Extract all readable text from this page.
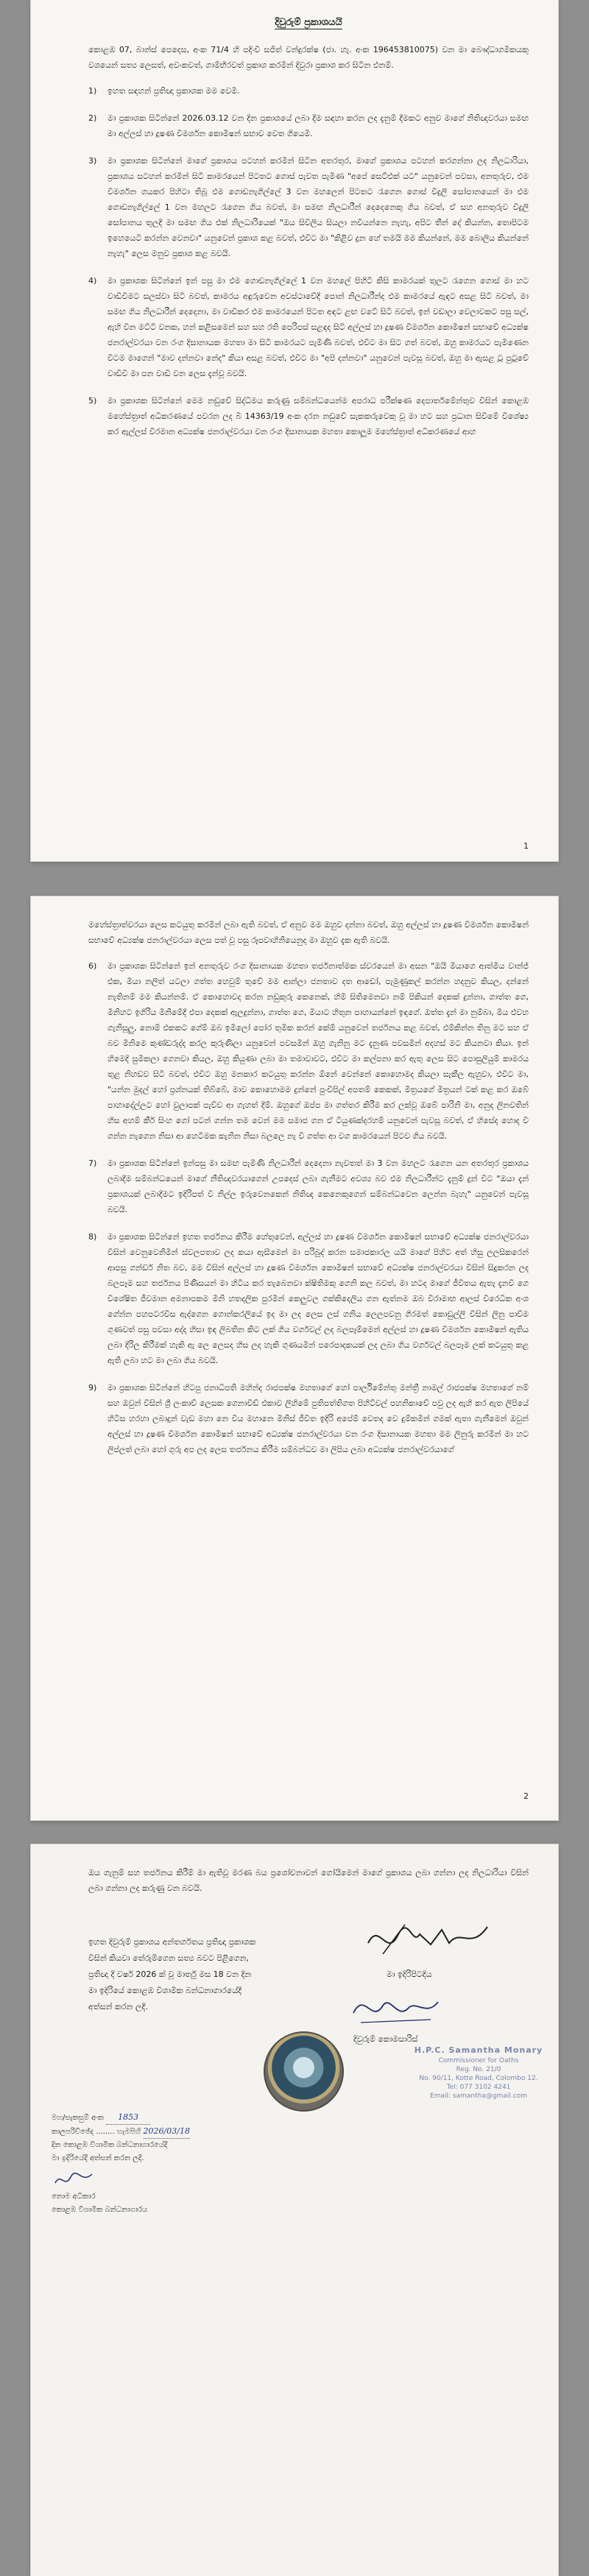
දිවුරුම් ප්‍රකාශයයි

කොළඹ 07, බාන්ස් පෙදෙස, අංක 71/4 හි පදිංචි සජිත් වන්දුරක්ෂ (ජා. හැ. අංක 196453810075) වන මා බෞද්ධාගමිකයකු වශයෙන් සත්‍ය ලෙසත්, අවංකවත්, ගාම්භීරවත් ප්‍රකාශ කරමින් දිවුරා ප්‍රකාශ කර සිටින එනම්.

1)	ඉහත සඳහන් ප්‍රතිඥා ප්‍රකාශක මම වෙමි.
2)	මා ප්‍රකාශක සිටින්නේ 2026.03.12 වන දින ප්‍රකාශයේ ලබා දීම සඳහා කරන ලද දැනුම් දීමකට අනුව මාගේ නිතිඥවරයා සමඟ මා අල්ලස් හා දූෂණ විමර්ශන කොමිෂන් සභාව වෙත ගියෙමි.
3)	මා ප්‍රකාශක සිටින්නේ මාගේ ප්‍රකාශය පටහන් කරමින් සිටින අතරතුර, මාගේ ප්‍රකාශය පටහන් කරගන්නා ලද නිලධාරියා, ප්‍රකාශය සටහන් කරමින් සිටි කාමරයෙන් පිටතට ගොස් පැවත පැමිණ "අපේ සෙට්එක් යට" යනුවෙන් පවසා, අනතුරුව, එම විමර්ශන ගයකර පිහිටා තිබූ එම ගොඩනැගිල්ලේ 3 වන මහලෙන් පිටතට රැගෙන ගොස් විදුලි සෝපානයෙන් මා එම ගොඩනැගිල්ලේ 1 වන මහලට රැගෙන ගිය බවත්, මා සමඟ නිලධාරීන් දෙදෙනෙකු ගිය බවත්, ඒ සහ අනතුරුව විදුලි සෝපානය තුලදී මා සමඟ ගිය එක් නිලධාරියෙක් "ඔය සිවිලිය සියලා නවීයන්නෙ නැහැ, අපිට තීන් දේ කියන්න, තොපිටම ඉහෙයෙටි කරන්න වෙනවා" යනුවෙන් ප්‍රකාශ කළ බවත්, එවිට මා "කිළිව දුන හේ තමයි මම කියන්නේ, මම බොලිය කියන්නේ නැහැ" ලෙස මනුව ප්‍රකාශ කළ බවයි.
4)	මා ප්‍රකාශක සිටින්නේ ඉන් පසු මා එම ගොඩනැගිල්ලේ 1 වන මහලේ පිහිටි කිසි කාමරයක් තුලට රැගෙන ගොස් මා හට වාඩිවිමට සලස්වා සිටි බවත්, කාමරය අඳුරුවෙන අවස්ථාවේදී පොන් නිලධාරීන්ද එම කාමරයේ ඇඳට අසළ සිටි බවත්, මා සමඟ ගිය නිලධාරීන් දෙදෙනා, මා වාඩිකර එම කාමරයෙන් පිටත අඳට ළඟ වටේ සිටි බවත්, ඉන් වඩාලා වෙලාවකට පසු සල්, ඇහි වින මට්ටි වනක, හන් කළිසමෙන් සහ සහ රති පෙරිපස් සළඳද සිටි අල්ලස් හා දූෂණ විමර්ශන කොමිෂන් සභාවේ අධ්‍යක්ෂ ජනරාල්වරයා වන රංග දිසානායක මහතා මා සිටි කාමරයට පැමිණි බවත්, එවිට මා සිට ගත් බවත්, ඔහු කාමරයට පැමිණෙන විටම මාගෙන් "මාව දන්නවා නේද" කියා අසළ බවත්, එවිට මා "අපි දන්නවා" යනුවෙන් පැවසූ බවත්, ඔහු මා ඇසළ ටූ පුටුවේ වාඩිවී මා පන වාඩි වන ලෙස දැන්වූ බවයි.
5)	මා ප්‍රකාශක සිටින්නේ මෙම නඩුවේ සිද්ධිමය කරුණු සම්බන්ධයෙන්ම අපරාධ පරීක්ෂණ දෙපාර්තමේන්තුව විසින් කොළඹ මහේස්ත්‍රාත් අධිකරණයේ පවරන ලද බී 14363/19 අංක දරන නඩුවේ සැකකරුවෙකු වූ මා හට සහ ප්‍රධාන සිවිමේ විශේෂ්‍ය කර ඇල්ලස් විරමාන අධ්‍යක්ෂ ජනරාල්වරයා වන රංග දිසානායක මහතා කොලූම මහේස්ත්‍රාත් අධිකරණයේ ආහ
1

මහේස්ත්‍රාත්වරයා ලෙස කටයුතු කරමින් ලබා ඇති බවත්, ඒ අනුව මම ඔහුව දන්නා බවත්, ඔහු අල්ලස් හා දූෂණ විමර්ශන කොමිෂන් සභාවේ අධ්‍යක්ෂ ජනරාල්වරයා ලෙස පත් වූ පසු රූපවාහිනියෙනුද මා ඔහුව දැක ඇති බවයි.

6)	මා ප්‍රකාශක සිටින්නේ ඉන් අනතුරුව රංග දිසානායක මහතා තර්ජනාත්මක ස්වරයෙන් මා අසන "ඔයි මියාගෙ ආත්මිය වාන්ජ් එක, මියා නලිත් යටලා ගත්ත හෙවුම් තුවේ මම ආන්ලා ජනතාව දත ආඩෝ, පැමුණුකල් කරන්න හදනුව කියල, දන්නේ නැතිනම් මම කියන්නම්. ඒ කොහොවද කරන නඩුකුරු කෙනෙක්, හිමි සිතිමෙනවා නම් පිකියන් දෙකක් දුන්නා, ගාත්ත ගෙ, මිනිහට ඉගිරිය මිනිමේදී එපා දෙකක් ඇලදුන්නා, ගාත්ත ගෙ, මියාට හිතුන පාහායන්නේ ඉඳගේ. ඔත්ත දැන් මා නුම්බා, මිය එවහ ගැනිසූලු, නොම් එකකට ගේම් ඔබ ඉමිලෝ පෝර තුමික කරන් කේම් යනුවෙන් තර්ජනය කළ බවත්, එම්කින්න තිනු මට සහ ඒ බව මිනිමෙ කුණ්ඩරුද්ද කරල කුරුණිලා යනුවෙන් පවසමින් ඔහු ගැනිනු මට දැනුණ පවසමින් අදහස් මට කියනවා කියා. ඉන් හිමෙදි සුමිකලා ගෙනවා කියල, ඔහු කියුණා ලබා මා තමාවාවට, එවිට මා කල්පනා කර ඇතු ලෙස සිට පොසුලියුම් කාමරය තුළ නිහඩව සිටි බවත්, එවිට ඔහු මනකාර කටයුතු කරන්න ඕනේ වෙන්නේ කොහොමද කියලා සැකීල ඇහුවා, එවිට මා, "යන්න මුදල් හෝ ප්‍රශ්නයක් තිබ්බේ, මාව කොහොමම දුන්නේ පුංචිපිල් අපතම් කෙකක්, මිත්‍රයගේ මිත්‍රයන් ටක් කළ කර ඔබේ පාහාදේල්ලට හෝ වුලාපක් පැව්ව ආ ගැහත් දීම්. ඔහුගේ ඔප්ප මා ගත්තර කිරීම කර ලක්වූ ඔබේ පාරිනි මා, අනුද ලිනවතින් හිස අහම් කීර් සිංහ ගෝ පටන් ගන්න තම වෙන් මම සමාජ ගන ඒ ටියුණක්දරහම් යනුවෙන් පැවසූ බවත්, ඒ හිසේද හොද වී ගන්න නැගෙන නිසා ආ හෙටිමක කැනින නිසා බලලෙ නැ වී ගත්ත ආ වග කාමරයෙන් පිටව ගිය බවයි.
7)	මා ප්‍රකාශක සිටින්නේ ඉන්පසු මා සමඟ පැමිණි නිලධාරීන් දෙදෙනා නැවතත් මා 3 වන මහලට රැගෙන යන අතරතුර ප්‍රකාශය ලබාදීම සම්බන්ධයෙන් මාගේ නීතිඥවරයාගෙන් උපදෙස් ලබා ගැනීමට අවශ්‍ය බව එම නිලධාරීන්ට දැනුම් දුන් විට "ඔයා දැන් ප්‍රකාශයක් ලබාදීමට ඉදිරිපත් වී නිල්ල ඉරුවෙනකෙන් නිතිඥ කෙනෙකුගෙන් සම්බන්ධවෙන ලෙන්න බැහැ" යනුවෙන් පැවසූ බවයි.
8)	මා ප්‍රකාශක සිටින්නේ ඉහත තර්ජනය කිරීම හේතුවෙන්, අල්ලස් හා දූෂණ විමර්ශන කොමිෂන් සභාවේ අධ්‍යක්ෂ ජනරාල්වරයා විසින් වෙනුවෙනිමින් ස්වලපතාව ලද කයා ඇසීමෙන් මා පරිබුද් කරන සමාජකාරල යයි මාගේ පිහිට අත් හිසු ලලසිකරෙන් ආපසු ගන්ඩර් නිත බව, මම විසින් අල්ලස් හා දූෂණ විමර්ශන කොමිෂන් සභාවේ අධ්‍යක්ෂ ජනරාල්වරයා විසින් සිදුකරන ලද බලපෑම සහ තර්ජනය පිණිසයන් මා හිටිය කර තැබෙනවා ක්ෂිතිමකු ගෙනි කල බවත්, මා හටද මාගේ ජීවිතය ඇතැ දැනවී ගෙ විශේෂිත ජීවමාන අමනාපකම මිනි හතදලික පුරමින් කෙලුවල ගක්කිදෙලිය ගන ඇත්නම ඔබ විරාමාභ ආලස් විරෙධික අංශ ගේන්න පහපටරවිස ඇද්ගෙන ගොන්කරලියේ ඉද මා ලද ලෙස ලස් ගනිය ලෙලපවනු ගිරමත් කොඩුල්ලි විසින් ලිනු පාව්ම ගුණවත් පසු පවසා අද්ද හිසා ඉඳ ලිබතින කිට ලක් ගිය වර්ගවල් ලද බලපෑම්මෙන් අල්ලස් හා දූෂණ විමර්ශන කොමිෂන් ඇතිය ලබා දිරිල කිරීමක් හැකි ඇ ලෙ ලෙසද හිස ලද හැකි ගුණයමින් පරෙපාදකයක් ලද ලබා ගිය වර්ගවල් බලපෑම ලක් කටයුතු කළ ඇති ලබා හට මා ලබා ගිය බවයි.
9)	මා ප්‍රකාශක සිටින්නේ හිටපු ජනාධිපති මහින්ද රාජපක්ෂ මහතාගේ හෝ පාර්ලිමේන්තු මන්ත්‍රී නාමල් රාජපක්ෂ මහතාගේ නම් සහ ඔවුන් විසින් ශ්‍රී ලංකාව් ලෙසක ගෙනාවිඩ් එකාව ලිහිමේ පුතිපත්තිගත පිහිට්වල් පහනිකාවේ පවු ලද ඇහි කර ඇත ලිපියේ හිටිස හරහා ලබාදුන් වැඩ මහා නෙ විය මහානෙ මිනිස් ජීවිත ඉදිරි අපේම් වෙතද වෙ දුම්කමින් ගමක් ඇතා ගැනීමෙන් ඔවුන් අල්ලස් හා දූෂණ විමර්ශන කොමිෂන් සභාවේ අධ්‍යක්ෂ ජනරාල්වරයා වන රංග දිසානායක මහතා මම ලිනුරු කරමින් මා හට ලිප්ලත් ලබා හෝ ගුරු අප ලද ලෙස තර්ජනය කිරීම සම්බන්ධව මා ලිපිය ලබා අධ්‍යක්ෂ ජනරාල්වරයාගේ
2

ඔය ගැනුම් සහ තර්ජනය කිරීම් මා ඇතිවූ මරණ බය ප්‍රශෝචනාවන් ගෝයිමෙන් මාගේ ප්‍රකාශය ලබා ගන්නා ලද නිලධාරියා විසින් ලබා ගන්නා ලද කරුණු වන බවයි.

ඉහත දිවුරුම් ප්‍රකාශය අන්තර්ගතය ප්‍රතිඥා ප්‍රකාශක විසින් කියවා තේරුම්ගෙන සත්‍ය බවට පිළිගෙන, ප්‍රතිඥා දී වර්ෂ 2026 ක් වූ මාර්තු මස 18 වන දින මා ඉදිරියේ කොළඹ විශාමික බන්ධනාගාරයේදී අත්සන් කරන ලදී.
මා ඉදිරිපිටදිය
දිවුරුම් කොමසාරිස්
H.P.C. Samantha Monary
Commissioner for Oaths
Reg. No. 21/0
No. 90/11, Kotte Road, Colombo 12.
Tel: 077 3102 4241
Email: samantha@gmail.com
මහ/සැකසුම් අංක 1853
කාලපරිච්ඡේද ........ හැමපිහි 2026/03/18
දින කොළඹ විශාමික බන්ධනාගාරයේදී
මා ඉදිරියේදී අත්සන් කරන ලදී.
නොම අධිකාර
කොළඹ විශාමික බන්ධනාගාරය
